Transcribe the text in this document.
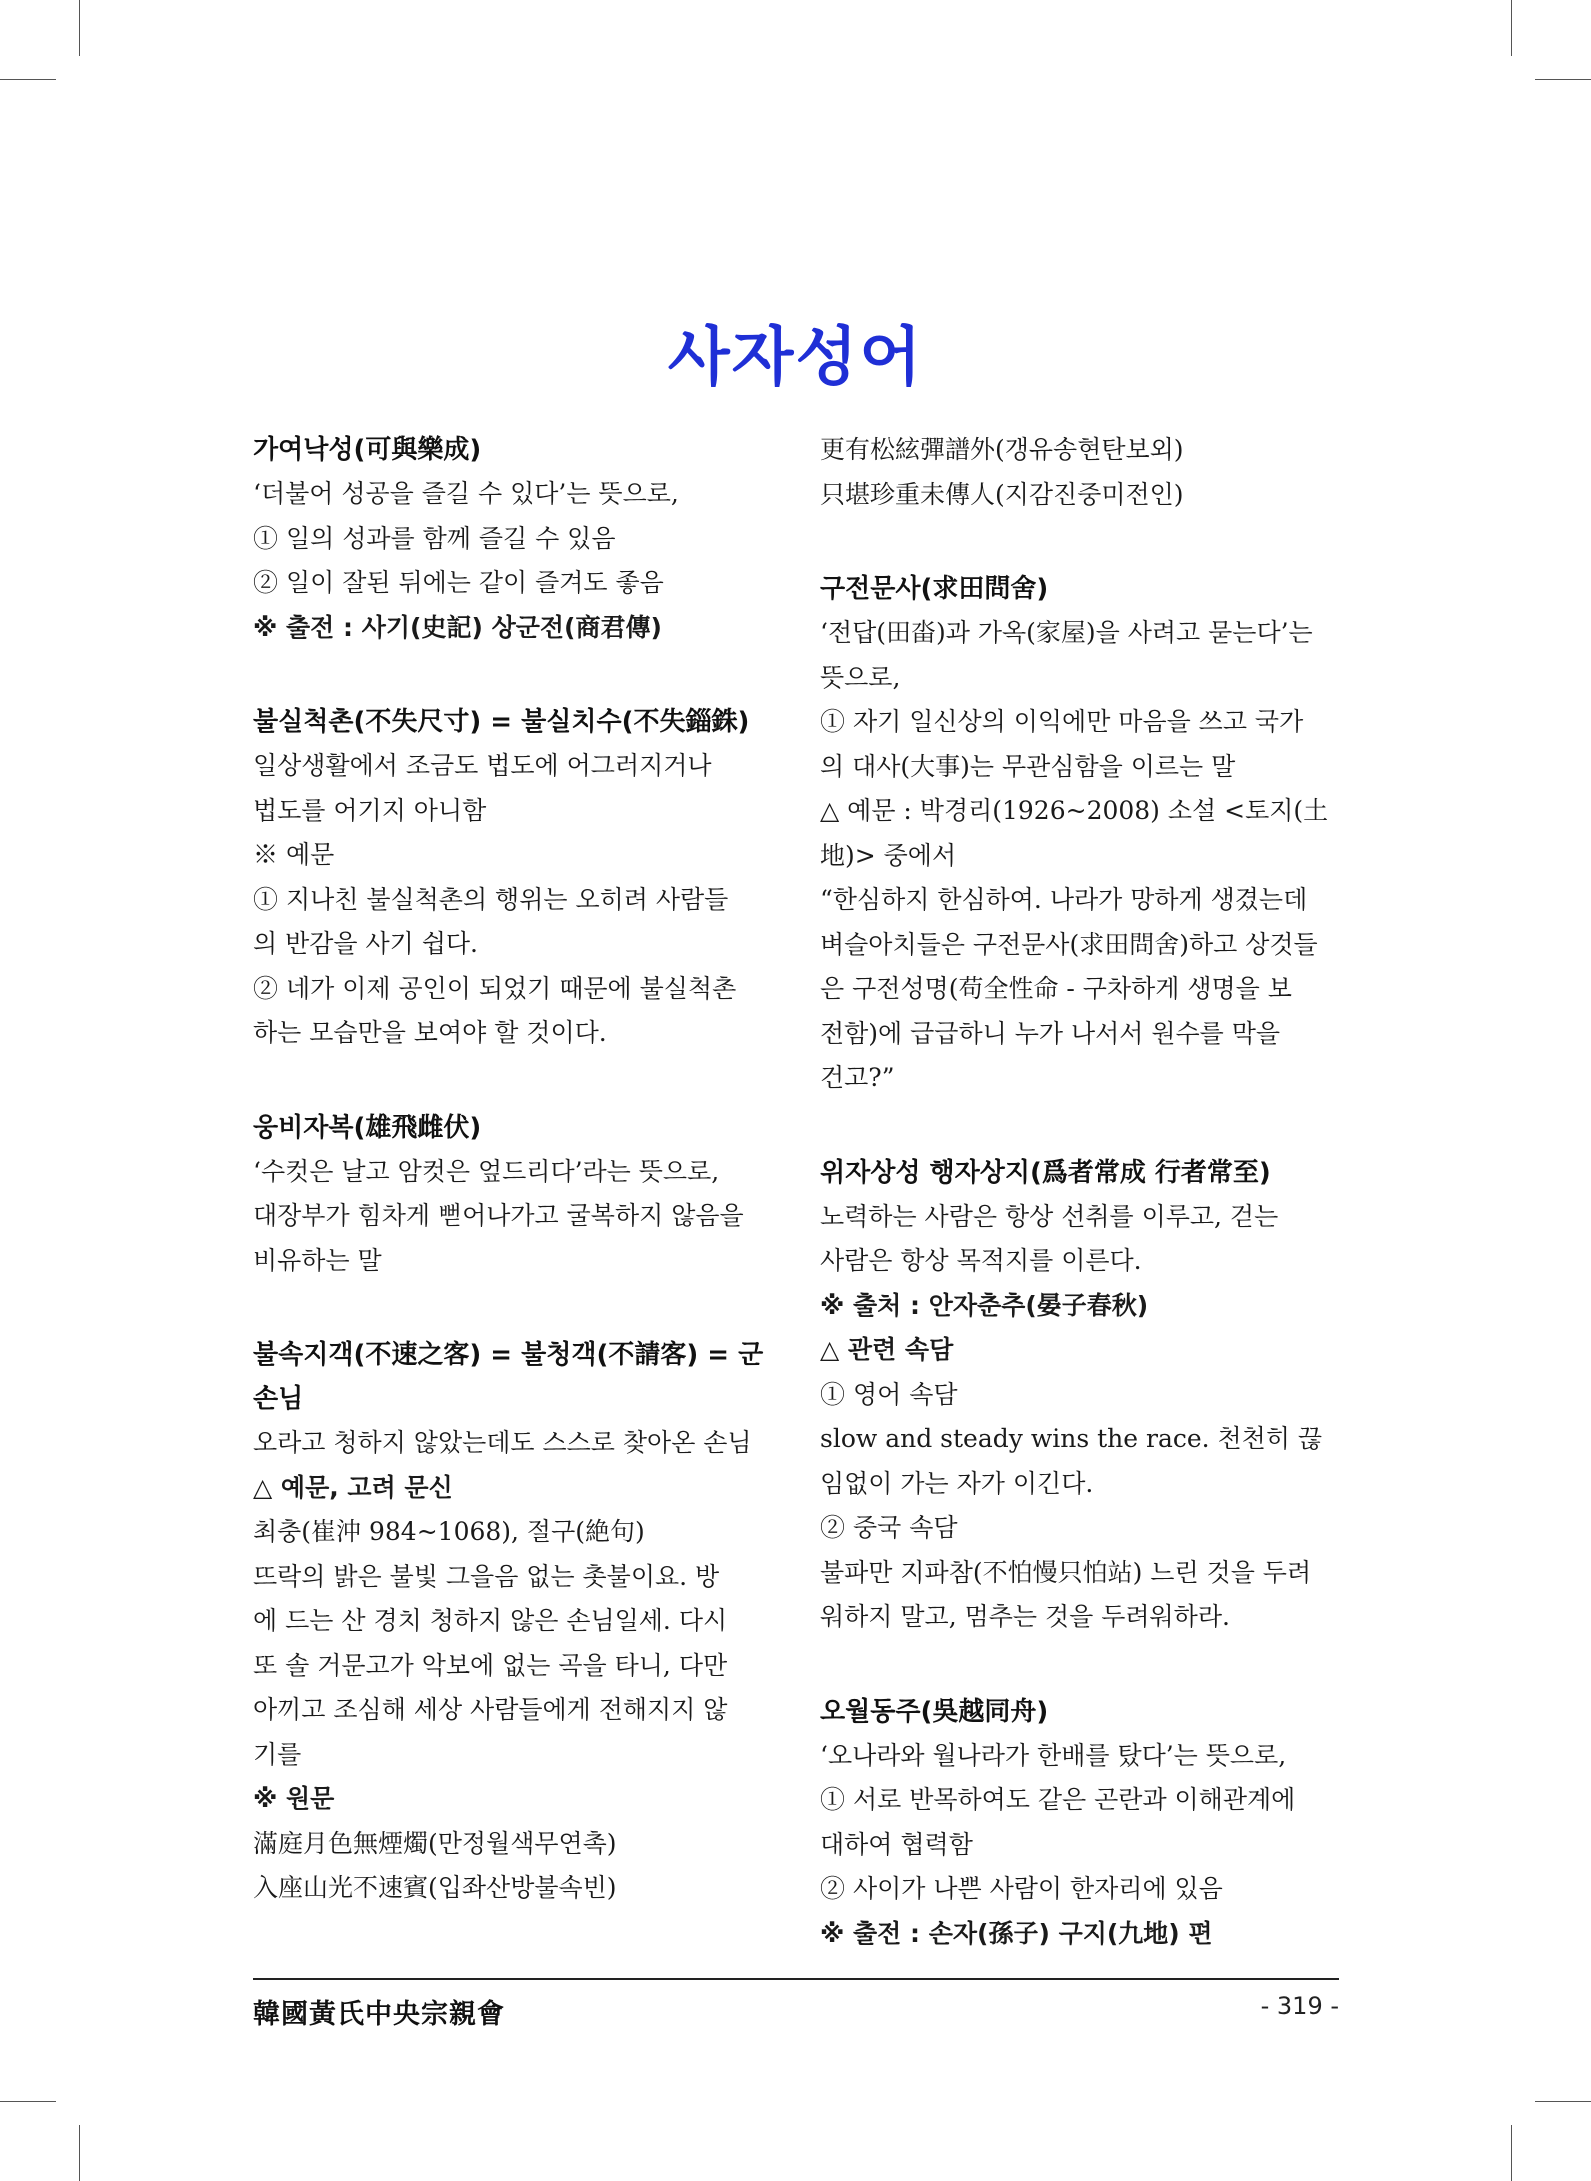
사자성어
가여낙성(可與樂成)
‘더불어 성공을 즐길 수 있다’는 뜻으로,
① 일의 성과를 함께 즐길 수 있음
② 일이 잘된 뒤에는 같이 즐겨도 좋음
※ 출전 : 사기(史記) 상군전(商君傳)
불실척촌(不失尺寸) = 불실치수(不失錙銖)
일상생활에서 조금도 법도에 어그러지거나
법도를 어기지 아니함
※ 예문
① 지나친 불실척촌의 행위는 오히려 사람들
의 반감을 사기 쉽다.
② 네가 이제 공인이 되었기 때문에 불실척촌
하는 모습만을 보여야 할 것이다.
웅비자복(雄飛雌伏)
‘수컷은 날고 암컷은 엎드리다’라는 뜻으로,
대장부가 힘차게 뻗어나가고 굴복하지 않음을
비유하는 말
불속지객(不速之客) = 불청객(不請客) = 군손님
오라고 청하지 않았는데도 스스로 찾아온 손님
△ 예문, 고려 문신
최충(崔沖 984~1068), 절구(絶句)
뜨락의 밝은 불빛 그을음 없는 촛불이요. 방
에 드는 산 경치 청하지 않은 손님일세. 다시
또 솔 거문고가 악보에 없는 곡을 타니, 다만
아끼고 조심해 세상 사람들에게 전해지지 않
기를
※ 원문
滿庭月色無煙燭(만정월색무연촉)
入座山光不速賓(입좌산방불속빈)
更有松絃彈譜外(갱유송현탄보외)
只堪珍重未傳人(지감진중미전인)
구전문사(求田問舍)
‘전답(田畓)과 가옥(家屋)을 사려고 묻는다’는
뜻으로,
① 자기 일신상의 이익에만 마음을 쓰고 국가
의 대사(大事)는 무관심함을 이르는 말
△ 예문 : 박경리(1926~2008) 소설 <토지(土
地)> 중에서
“한심하지 한심하여. 나라가 망하게 생겼는데
벼슬아치들은 구전문사(求田問舍)하고 상것들
은 구전성명(苟全性命 - 구차하게 생명을 보
전함)에 급급하니 누가 나서서 원수를 막을
건고?”
위자상성 행자상지(爲者常成 行者常至)
노력하는 사람은 항상 선취를 이루고, 걷는
사람은 항상 목적지를 이른다.
※ 출처 : 안자춘추(晏子春秋)
△ 관련 속담
① 영어 속담
slow and steady wins the race. 천천히 끊
임없이 가는 자가 이긴다.
② 중국 속담
불파만 지파참(不怕慢只怕站) 느린 것을 두려
워하지 말고, 멈추는 것을 두려워하라.
오월동주(吳越同舟)
‘오나라와 월나라가 한배를 탔다’는 뜻으로,
① 서로 반목하여도 같은 곤란과 이해관계에
대하여 협력함
② 사이가 나쁜 사람이 한자리에 있음
※ 출전 : 손자(孫子) 구지(九地) 편
韓國黃氏中央宗親會	- 319 -
